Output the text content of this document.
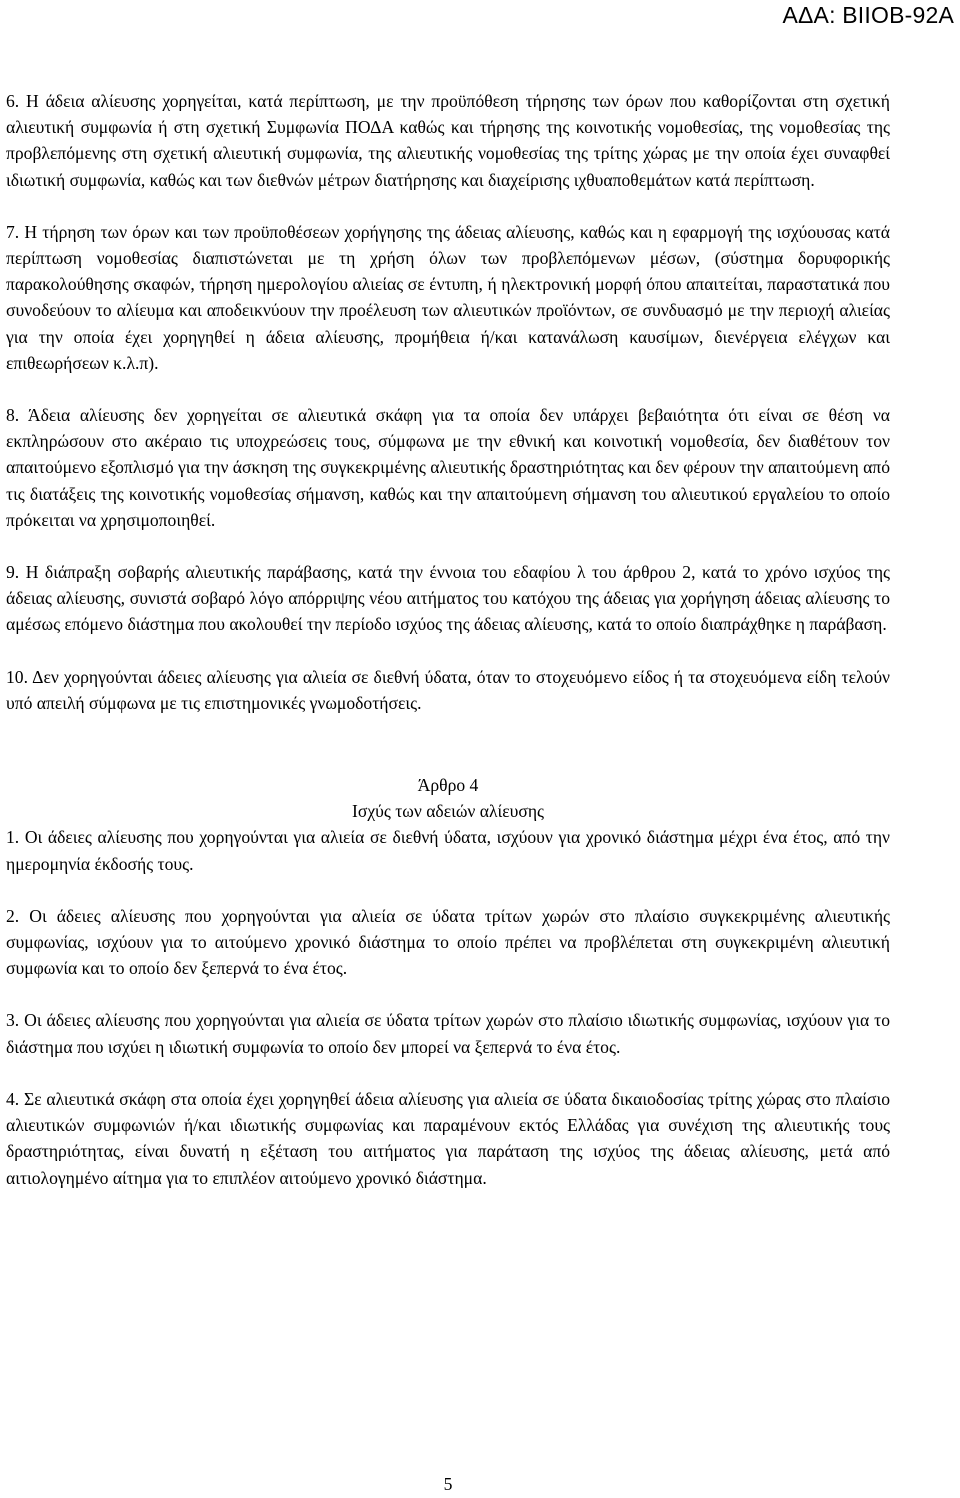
ΑΔΑ: ΒΙΙΟΒ-92Α

6. Η άδεια αλίευσης χορηγείται, κατά περίπτωση, με την προϋπόθεση τήρησης των όρων που καθορίζονται στη σχετική αλιευτική συμφωνία ή στη σχετική Συμφωνία ΠΟΔΑ καθώς και τήρησης της κοινοτικής νομοθεσίας, της νομοθεσίας της προβλεπόμενης στη σχετική αλιευτική συμφωνία, της αλιευτικής νομοθεσίας της τρίτης χώρας με την οποία έχει συναφθεί ιδιωτική συμφωνία, καθώς και των διεθνών μέτρων διατήρησης και διαχείρισης ιχθυαποθεμάτων κατά περίπτωση.

7. Η τήρηση των όρων και των προϋποθέσεων χορήγησης της άδειας αλίευσης, καθώς και η εφαρμογή της ισχύουσας κατά περίπτωση νομοθεσίας διαπιστώνεται με τη χρήση όλων των προβλεπόμενων μέσων, (σύστημα δορυφορικής παρακολούθησης σκαφών, τήρηση ημερολογίου αλιείας σε έντυπη, ή ηλεκτρονική μορφή όπου απαιτείται, παραστατικά που συνοδεύουν το αλίευμα και αποδεικνύουν την προέλευση των αλιευτικών προϊόντων, σε συνδυασμό με την περιοχή αλιείας για την οποία έχει χορηγηθεί η άδεια αλίευσης, προμήθεια ή/και κατανάλωση καυσίμων, διενέργεια ελέγχων και επιθεωρήσεων κ.λ.π).

8. Άδεια αλίευσης δεν χορηγείται σε αλιευτικά σκάφη για τα οποία δεν υπάρχει βεβαιότητα ότι είναι σε θέση να εκπληρώσουν στο ακέραιο τις υποχρεώσεις τους, σύμφωνα με την εθνική και κοινοτική νομοθεσία, δεν διαθέτουν τον απαιτούμενο εξοπλισμό για την άσκηση της συγκεκριμένης αλιευτικής δραστηριότητας και δεν φέρουν την απαιτούμενη από τις διατάξεις της κοινοτικής νομοθεσίας σήμανση, καθώς και την απαιτούμενη σήμανση του αλιευτικού εργαλείου το οποίο πρόκειται να χρησιμοποιηθεί.

9. Η διάπραξη σοβαρής αλιευτικής παράβασης, κατά την έννοια του εδαφίου λ του άρθρου 2, κατά το χρόνο ισχύος της άδειας αλίευσης, συνιστά σοβαρό λόγο απόρριψης νέου αιτήματος του κατόχου της άδειας για χορήγηση άδειας αλίευσης το αμέσως επόμενο διάστημα που ακολουθεί την περίοδο ισχύος της άδειας αλίευσης, κατά το οποίο διαπράχθηκε η παράβαση.

10. Δεν χορηγούνται άδειες αλίευσης για αλιεία σε διεθνή ύδατα, όταν το στοχευόμενο είδος ή τα στοχευόμενα είδη τελούν υπό απειλή σύμφωνα με τις επιστημονικές γνωμοδοτήσεις.

Άρθρο 4
Ισχύς των αδειών αλίευσης

1. Οι άδειες αλίευσης που χορηγούνται για αλιεία σε διεθνή ύδατα, ισχύουν για χρονικό διάστημα μέχρι ένα έτος, από την ημερομηνία έκδοσής τους.

2. Οι άδειες αλίευσης που χορηγούνται για αλιεία σε ύδατα τρίτων χωρών στο πλαίσιο συγκεκριμένης αλιευτικής συμφωνίας, ισχύουν για το αιτούμενο χρονικό διάστημα το οποίο πρέπει να προβλέπεται στη συγκεκριμένη αλιευτική συμφωνία και το οποίο δεν ξεπερνά το ένα έτος.

3. Οι άδειες αλίευσης που χορηγούνται για αλιεία σε ύδατα τρίτων χωρών στο πλαίσιο ιδιωτικής συμφωνίας, ισχύουν για το διάστημα που ισχύει η ιδιωτική συμφωνία το οποίο δεν μπορεί να ξεπερνά το ένα έτος.

4. Σε αλιευτικά σκάφη στα οποία έχει χορηγηθεί άδεια αλίευσης για αλιεία σε ύδατα δικαιοδοσίας τρίτης χώρας στο πλαίσιο αλιευτικών συμφωνιών ή/και ιδιωτικής συμφωνίας και παραμένουν εκτός Ελλάδας για συνέχιση της αλιευτικής τους δραστηριότητας, είναι δυνατή η εξέταση του αιτήματος για παράταση της ισχύος της άδειας αλίευσης, μετά από αιτιολογημένο αίτημα για το επιπλέον αιτούμενο χρονικό διάστημα.

5
